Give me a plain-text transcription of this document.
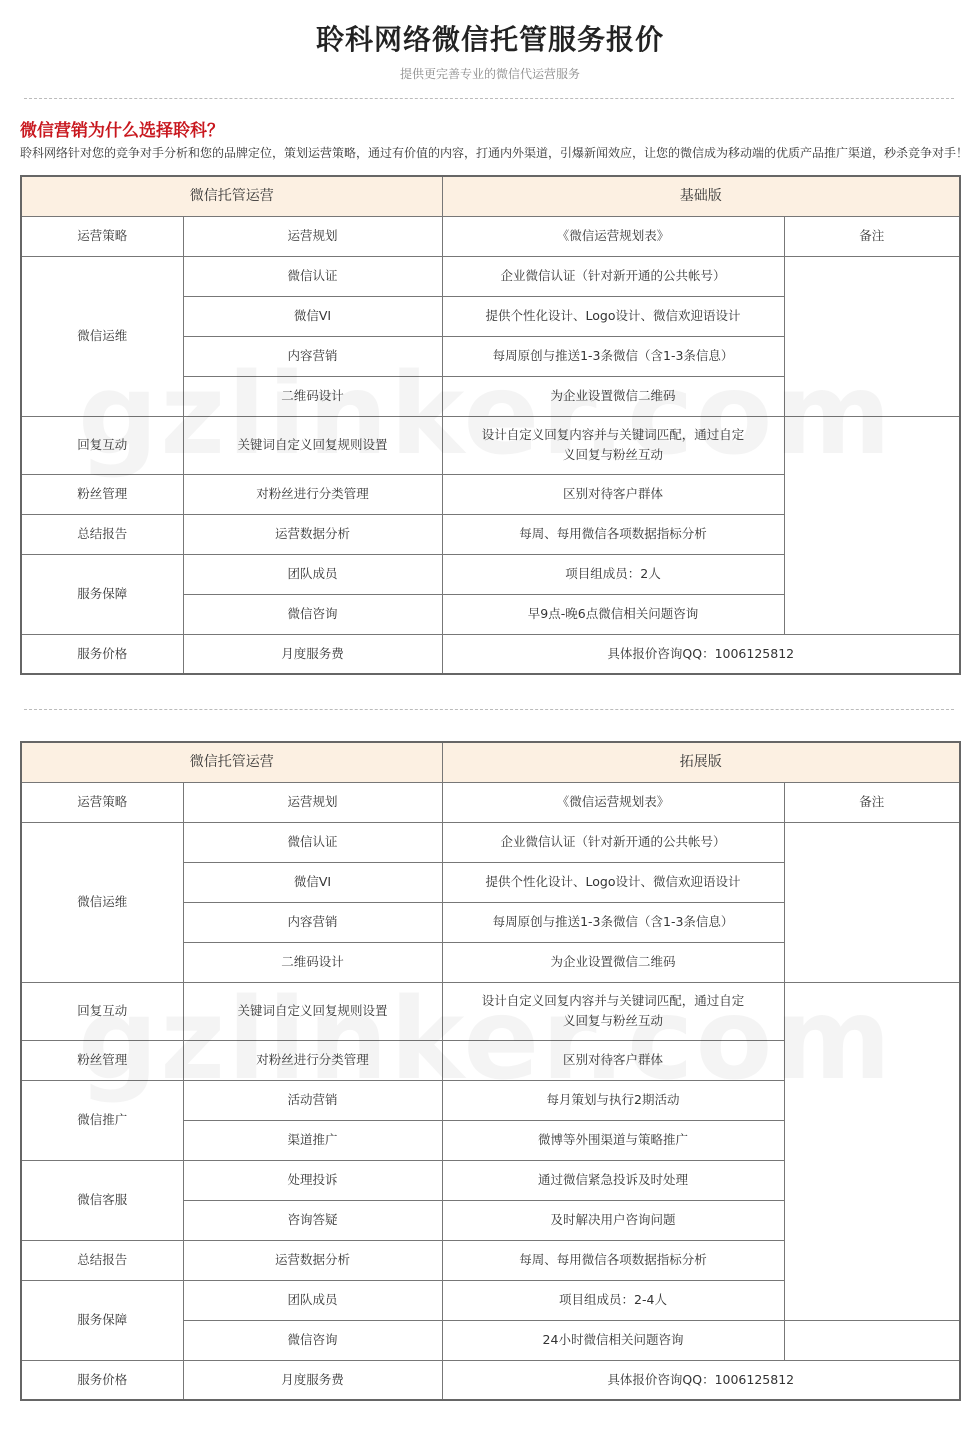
聆科网络微信托管服务报价
提供更完善专业的微信代运营服务
微信营销为什么选择聆科？
聆科网络针对您的竞争对手分析和您的品牌定位，策划运营策略，通过有价值的内容，打通内外渠道，引爆新闻效应，让您的微信成为移动端的优质产品推广渠道，秒杀竞争对手！
微信托管运营		基础版	
运营策略	运营规划	《微信运营规划表》	备注
微信运维	微信认证	企业微信认证（针对新开通的公共帐号）	
	微信VI	提供个性化设计、Logo设计、微信欢迎语设计	
	内容营销	每周原创与推送1-3条微信（含1-3条信息）	
	二维码设计	为企业设置微信二维码	
回复互动	关键词自定义回复规则设置	设计自定义回复内容并与关键词匹配，通过自定
义回复与粉丝互动	

粉丝管理	对粉丝进行分类管理	区别对待客户群体	
总结报告	运营数据分析	每周、每用微信各项数据指标分析	
服务保障	团队成员	项目组成员：2人	
	微信咨询	早9点-晚6点微信相关问题咨询	
服务价格	月度服务费	具体报价咨询QQ：1006125812	
微信托管运营		拓展版	
运营策略	运营规划	《微信运营规划表》	备注
微信运维	微信认证	企业微信认证（针对新开通的公共帐号）	
	微信VI	提供个性化设计、Logo设计、微信欢迎语设计	
	内容营销	每周原创与推送1-3条微信（含1-3条信息）	
	二维码设计	为企业设置微信二维码	
回复互动	关键词自定义回复规则设置	设计自定义回复内容并与关键词匹配，通过自定
义回复与粉丝互动	

粉丝管理	对粉丝进行分类管理	区别对待客户群体	
微信推广	活动营销	每月策划与执行2期活动	
	渠道推广	微博等外围渠道与策略推广	
微信客服	处理投诉	通过微信紧急投诉及时处理	
	咨询答疑	及时解决用户咨询问题	
总结报告	运营数据分析	每周、每用微信各项数据指标分析	
服务保障	团队成员	项目组成员：2-4人	
	微信咨询	24小时微信相关问题咨询	
服务价格	月度服务费	具体报价咨询QQ：1006125812	
